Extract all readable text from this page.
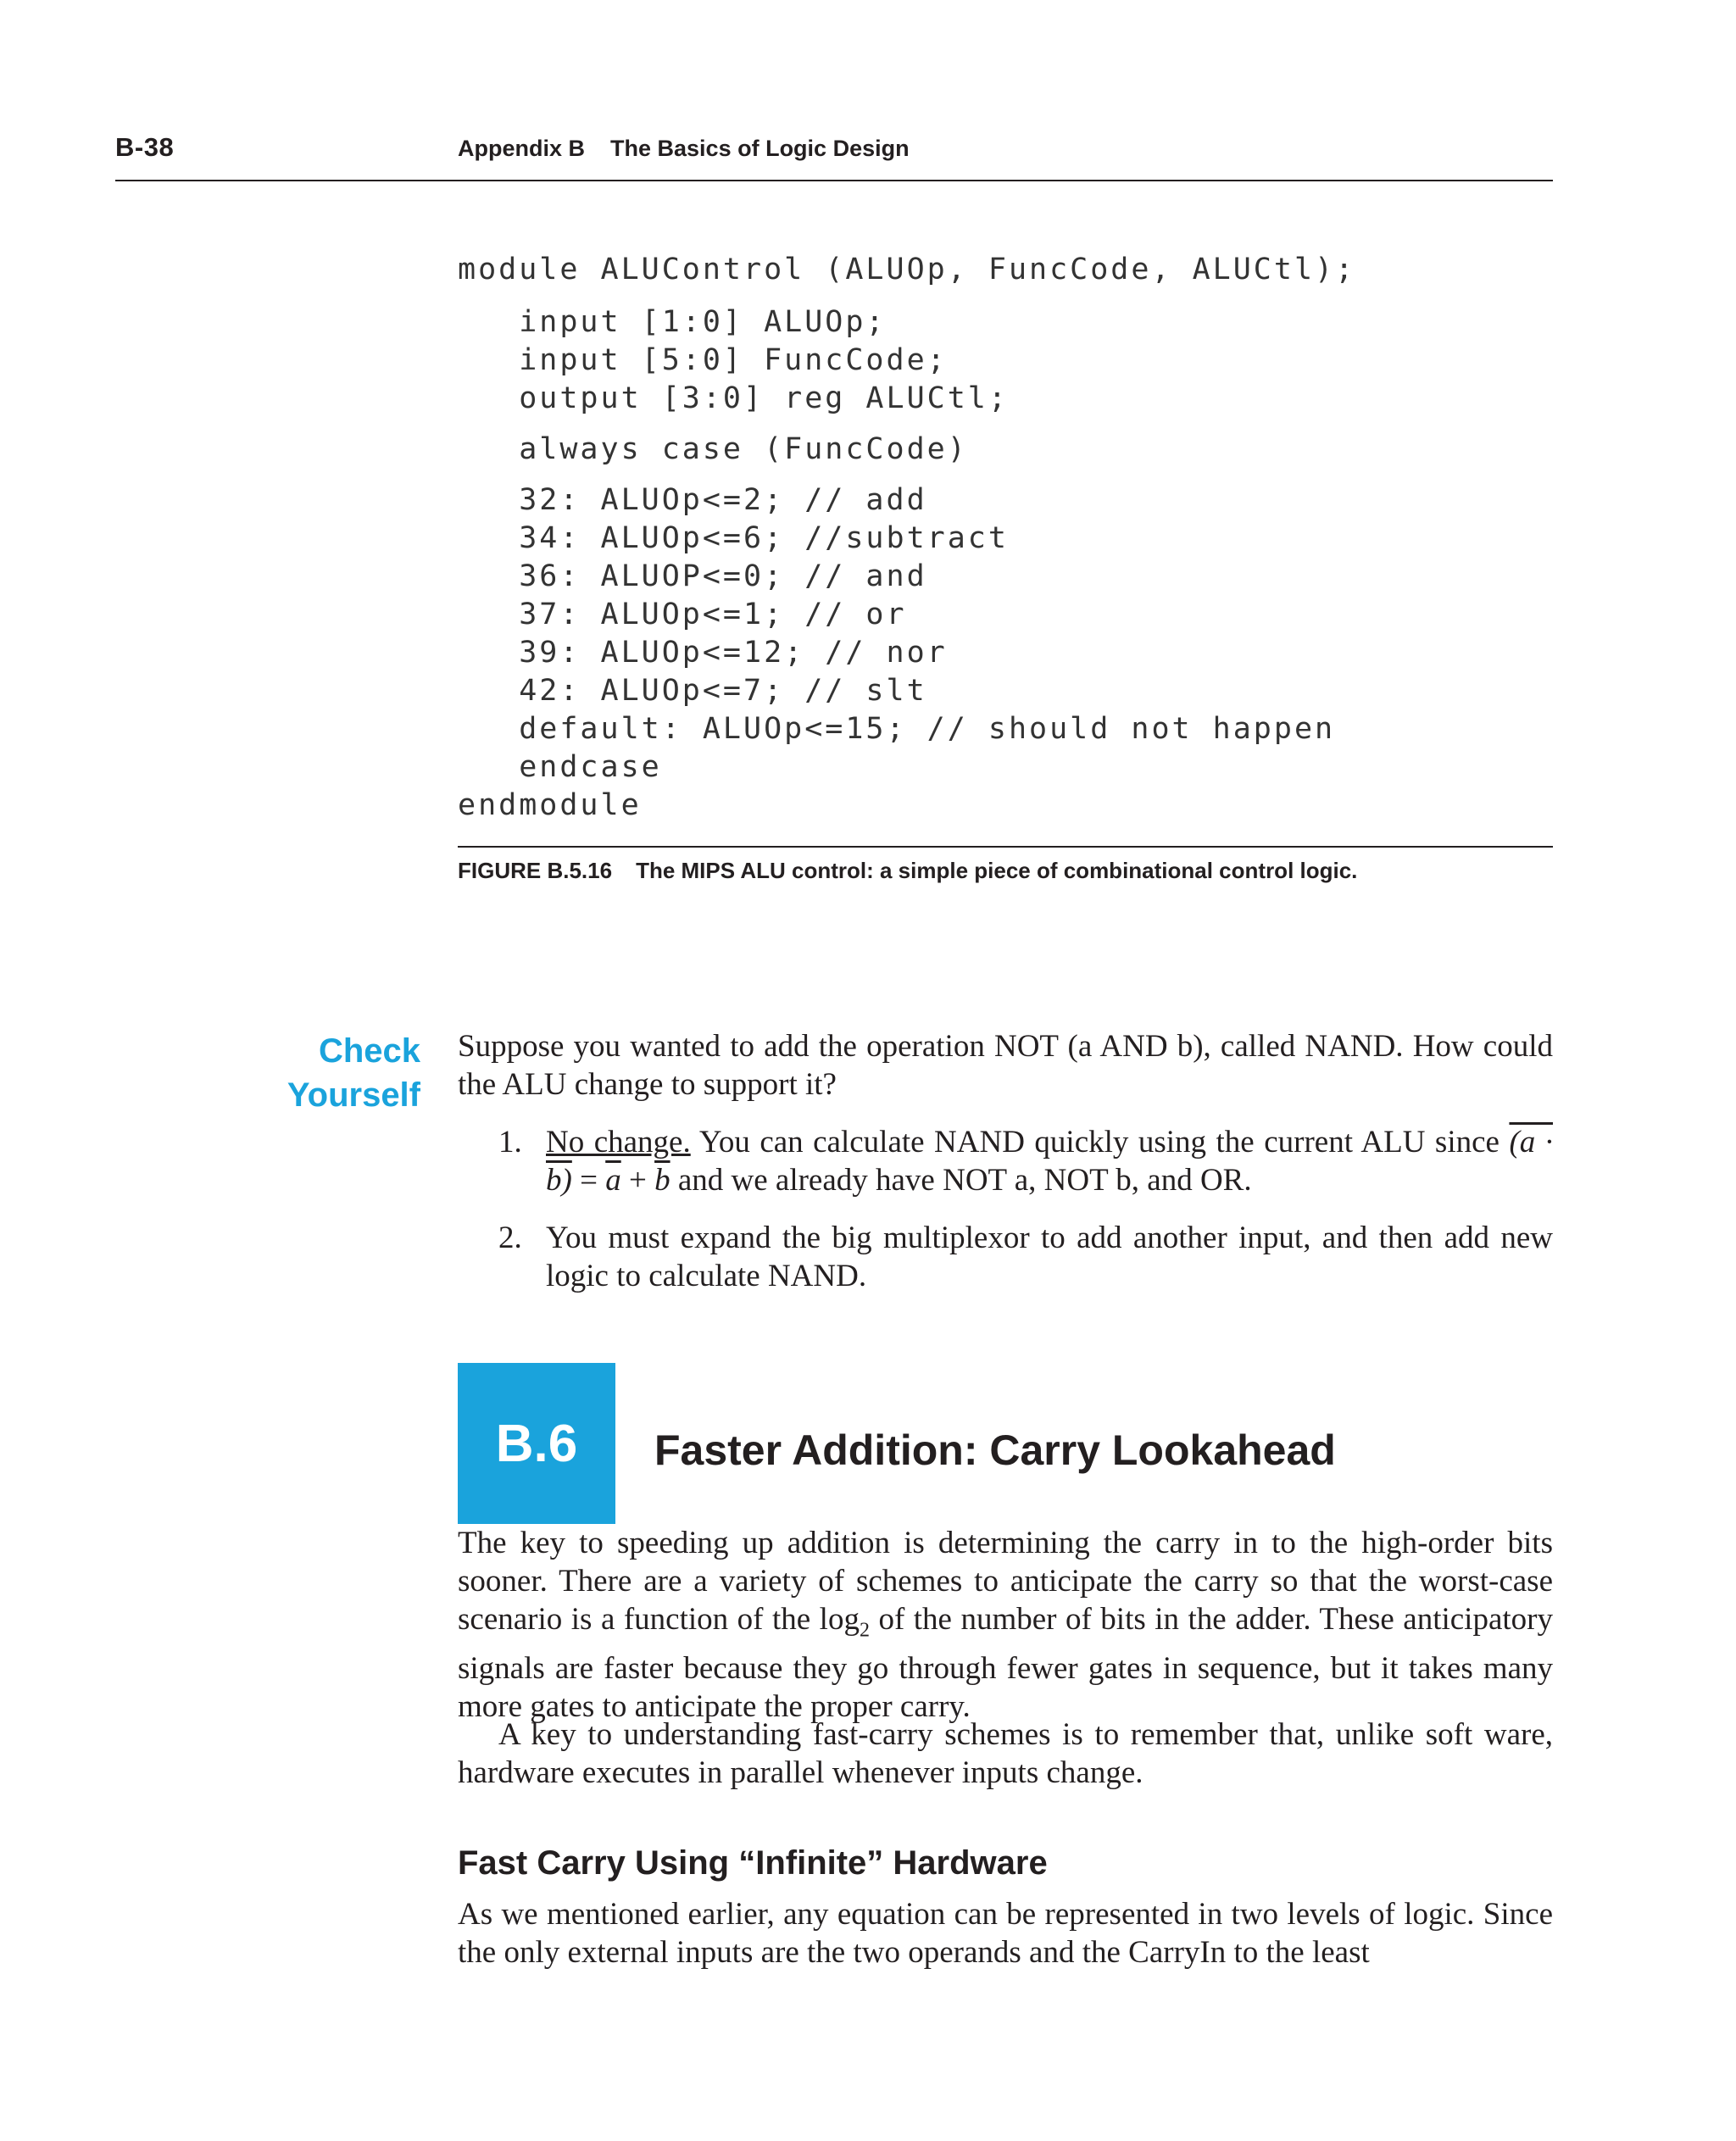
B-38	Appendix B The Basics of Logic Design

module ALUControl (ALUOp, FuncCode, ALUCtl);

input [1:0] ALUOp;

input [5:0] FuncCode;

output [3:0] reg ALUCtl;

always case (FuncCode)

32: ALUOp<=2; // add

34: ALUOp<=6; //subtract

36: ALUOP<=0; // and

37: ALUOp<=1; // or

39: ALUOp<=12; // nor

42: ALUOp<=7; // slt

default: ALUOp<=15; // should not happen

endcase

endmodule

FIGURE B.5.16 The MIPS ALU control: a simple piece of combinational control logic.
Check
Yourself
Suppose you wanted to add the operation NOT (a AND b), called NAND. How could the ALU change to support it?
1. No change. You can calculate NAND quickly using the current ALU since $(a \cdot b) = \overline{a} + \overline{b}$ and we already have NOT a, NOT b, and OR.
2. You must expand the big multiplexor to add another input, and then add new logic to calculate NAND.
B.6	Faster Addition: Carry Lookahead
The key to speeding up addition is determining the carry in to the high-order bits sooner. There are a variety of schemes to anticipate the carry so that the worst-case scenario is a function of the $\log_2$ of the number of bits in the adder. These anticipatory signals are faster because they go through fewer gates in sequence, but it takes many more gates to anticipate the proper carry.
A key to understanding fast-carry schemes is to remember that, unlike soft ware, hardware executes in parallel whenever inputs change.
Fast Carry Using “Infinite” Hardware
As we mentioned earlier, any equation can be represented in two levels of logic. Since the only external inputs are the two operands and the CarryIn to the least
